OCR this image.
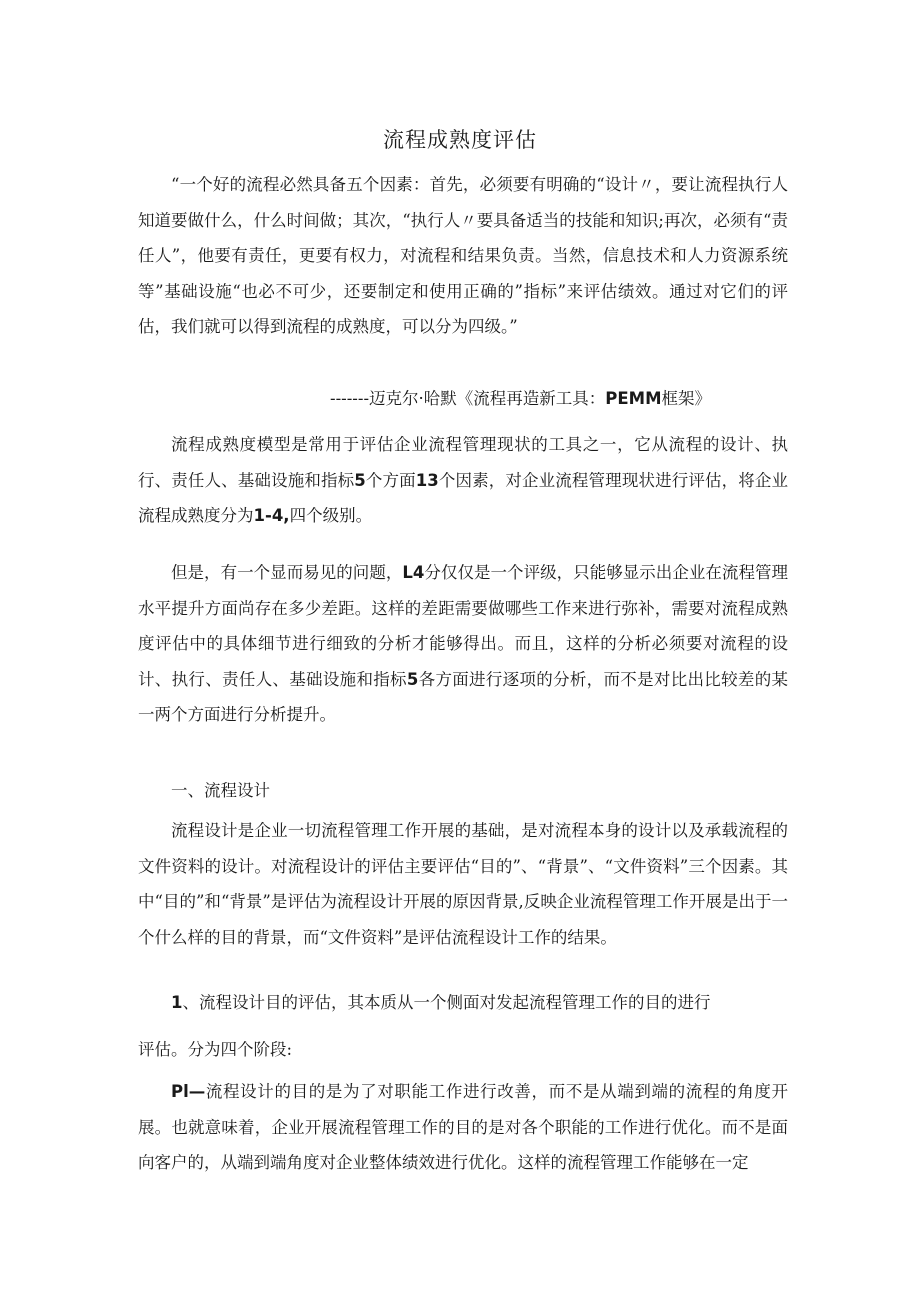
流程成熟度评估

“一个好的流程必然具备五个因素：首先，必须要有明确的“设计〃，要让流程执行人知道要做什么，什么时间做；其次，“执行人〃要具备适当的技能和知识;再次，必须有“责任人”，他要有责任，更要有权力，对流程和结果负责。当然，信息技术和人力资源系统等”基础设施“也必不可少，还要制定和使用正确的”指标”来评估绩效。通过对它们的评估，我们就可以得到流程的成熟度，可以分为四级。”

-------迈克尔·哈默《流程再造新工具：PEMM框架》

流程成熟度模型是常用于评估企业流程管理现状的工具之一，它从流程的设计、执行、责任人、基础设施和指标5个方面13个因素，对企业流程管理现状进行评估，将企业流程成熟度分为1-4,四个级别。

但是，有一个显而易见的问题，L4分仅仅是一个评级，只能够显示出企业在流程管理水平提升方面尚存在多少差距。这样的差距需要做哪些工作来进行弥补，需要对流程成熟度评估中的具体细节进行细致的分析才能够得出。而且，这样的分析必须要对流程的设计、执行、责任人、基础设施和指标5各方面进行逐项的分析，而不是对比出比较差的某一两个方面进行分析提升。

一、流程设计

流程设计是企业一切流程管理工作开展的基础，是对流程本身的设计以及承载流程的文件资料的设计。对流程设计的评估主要评估“目的”、“背景”、“文件资料”三个因素。其中“目的”和“背景”是评估为流程设计开展的原因背景,反映企业流程管理工作开展是出于一个什么样的目的背景，而“文件资料”是评估流程设计工作的结果。

1、流程设计目的评估，其本质从一个侧面对发起流程管理工作的目的进行

评估。分为四个阶段:

Pl—流程设计的目的是为了对职能工作进行改善，而不是从端到端的流程的角度开展。也就意味着，企业开展流程管理工作的目的是对各个职能的工作进行优化。而不是面向客户的，从端到端角度对企业整体绩效进行优化。这样的流程管理工作能够在一定
